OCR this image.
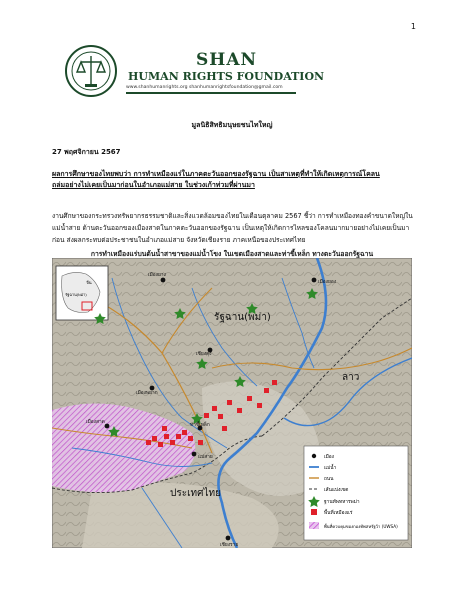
1
SHAN
HUMAN RIGHTS FOUNDATION
www.shanhumanrights.org shanhumanrightsfoundation@gmail.com
มูลนิธิสิทธิมนุษยชนไทใหญ่
27 พฤศจิกายน 2567
ผลการศึกษาของไทยพบว่า การทำเหมืองแร่ในภาคตะวันออกของรัฐฉาน เป็นสาเหตุที่ทำให้เกิดเหตุการณ์โคลน
ถล่มอย่างไม่เคยเป็นมาก่อนในอำเภอแม่สาย ในช่วงเก้าท่วมที่ผ่านมา
งานศึกษาของกระทรวงทรัพยากรธรรมชาติและสิ่งแวดล้อมของไทยในเดือนตุลาคม 2567 ชี้ว่า การทำเหมืองทองคำขนาดใหญ่ในแม่น้ำสาย ด้านตะวันออกของเมืองสาดในภาคตะวันออกของรัฐฉาน เป็นเหตุให้เกิดการไหลของโคลนมากมายอย่างไม่เคยเป็นมาก่อน ส่งผลกระทบต่อประชาชนในอำเภอแม่สาย จังหวัดเชียงราย ภาคเหนือของประเทศไทย
การทำเหมืองแร่บนต้นน้ำสาขาของแม่น้ำโขง ในเขตเมืองสาดและท่าขี้เหล็ก ทางตะวันออกรัฐฉาน
จีน
รัฐฉาน(พม่า)
รัฐฉาน(พม่า)
ลาว
ประเทศไทย
เมืองยาง
เมืองยอง
เชียงตุง
เมืองพยาก
เมืองสาด
ท่าขี้เหล็ก
แม่สาย
เชียงราย
เมือง
แม่น้ำ
ถนน
เส้นแบ่งเขต
ฐานทัพทหารพม่า
พื้นที่เหมืองแร่
พื้นที่ควบคุมของกองทัพสหรัฐว้า (UWSA)
